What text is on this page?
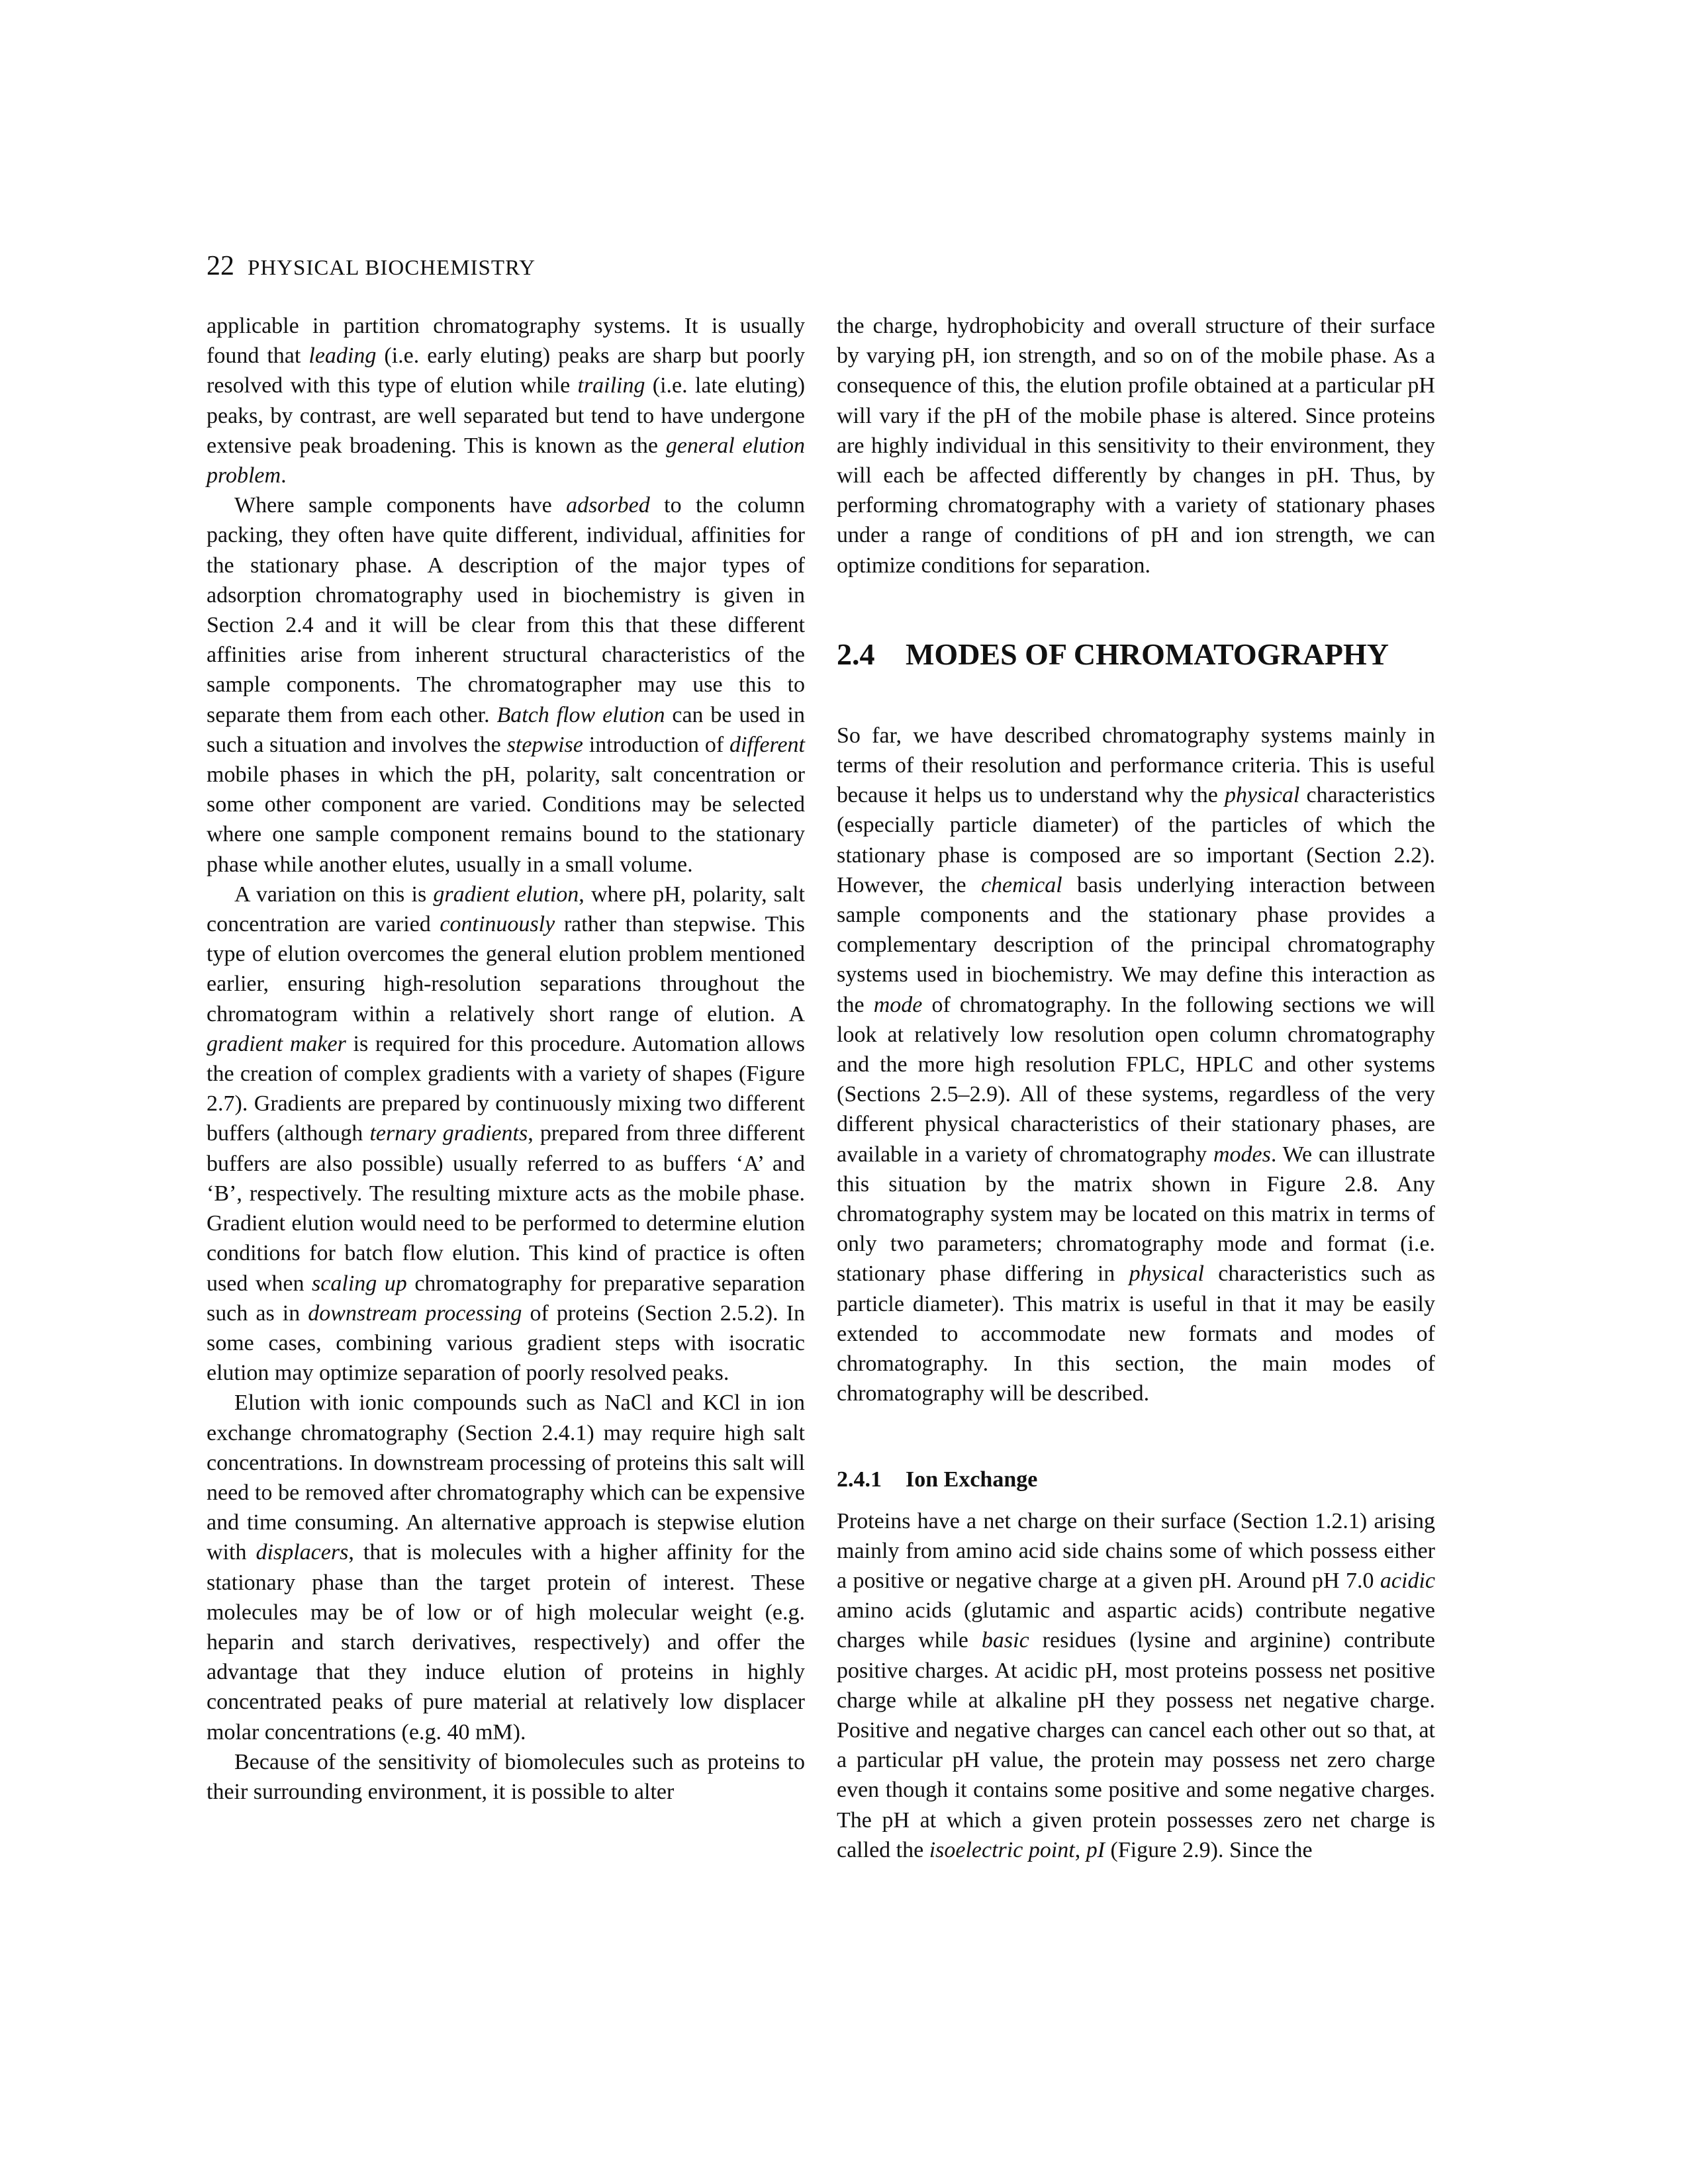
22 PHYSICAL BIOCHEMISTRY

applicable in partition chromatography systems. It is usually found that leading (i.e. early eluting) peaks are sharp but poorly resolved with this type of elution while trailing (i.e. late eluting) peaks, by contrast, are well separated but tend to have undergone extensive peak broadening. This is known as the general elution problem.

Where sample components have adsorbed to the column packing, they often have quite different, individual, affinities for the stationary phase. A description of the major types of adsorption chromatography used in biochemistry is given in Section 2.4 and it will be clear from this that these different affinities arise from inherent structural characteristics of the sample components. The chromatographer may use this to separate them from each other. Batch flow elution can be used in such a situation and involves the stepwise introduction of different mobile phases in which the pH, polarity, salt concentration or some other component are varied. Conditions may be selected where one sample component remains bound to the stationary phase while another elutes, usually in a small volume.

A variation on this is gradient elution, where pH, polarity, salt concentration are varied continuously rather than stepwise. This type of elution overcomes the general elution problem mentioned earlier, ensuring high-resolution separations throughout the chromatogram within a relatively short range of elution. A gradient maker is required for this procedure. Automation allows the creation of complex gradients with a variety of shapes (Figure 2.7). Gradients are prepared by continuously mixing two different buffers (although ternary gradients, prepared from three different buffers are also possible) usually referred to as buffers ‘A’ and ‘B’, respectively. The resulting mixture acts as the mobile phase. Gradient elution would need to be performed to determine elution conditions for batch flow elution. This kind of practice is often used when scaling up chromatography for preparative separation such as in downstream processing of proteins (Section 2.5.2). In some cases, combining various gradient steps with isocratic elution may optimize separation of poorly resolved peaks.

Elution with ionic compounds such as NaCl and KCl in ion exchange chromatography (Section 2.4.1) may require high salt concentrations. In downstream processing of proteins this salt will need to be removed after chromatography which can be expensive and time consuming. An alternative approach is stepwise elution with displacers, that is molecules with a higher affinity for the stationary phase than the target protein of interest. These molecules may be of low or of high molecular weight (e.g. heparin and starch derivatives, respectively) and offer the advantage that they induce elution of proteins in highly concentrated peaks of pure material at relatively low displacer molar concentrations (e.g. 40 mM).

Because of the sensitivity of biomolecules such as proteins to their surrounding environment, it is possible to alter

the charge, hydrophobicity and overall structure of their surface by varying pH, ion strength, and so on of the mobile phase. As a consequence of this, the elution profile obtained at a particular pH will vary if the pH of the mobile phase is altered. Since proteins are highly individual in this sensitivity to their environment, they will each be affected differently by changes in pH. Thus, by performing chromatography with a variety of stationary phases under a range of conditions of pH and ion strength, we can optimize conditions for separation.

2.4 MODES OF CHROMATOGRAPHY

So far, we have described chromatography systems mainly in terms of their resolution and performance criteria. This is useful because it helps us to understand why the physical characteristics (especially particle diameter) of the particles of which the stationary phase is composed are so important (Section 2.2). However, the chemical basis underlying interaction between sample components and the stationary phase provides a complementary description of the principal chromatography systems used in biochemistry. We may define this interaction as the mode of chromatography. In the following sections we will look at relatively low resolution open column chromatography and the more high resolution FPLC, HPLC and other systems (Sections 2.5–2.9). All of these systems, regardless of the very different physical characteristics of their stationary phases, are available in a variety of chromatography modes. We can illustrate this situation by the matrix shown in Figure 2.8. Any chromatography system may be located on this matrix in terms of only two parameters; chromatography mode and format (i.e. stationary phase differing in physical characteristics such as particle diameter). This matrix is useful in that it may be easily extended to accommodate new formats and modes of chromatography. In this section, the main modes of chromatography will be described.

2.4.1 Ion Exchange

Proteins have a net charge on their surface (Section 1.2.1) arising mainly from amino acid side chains some of which possess either a positive or negative charge at a given pH. Around pH 7.0 acidic amino acids (glutamic and aspartic acids) contribute negative charges while basic residues (lysine and arginine) contribute positive charges. At acidic pH, most proteins possess net positive charge while at alkaline pH they possess net negative charge. Positive and negative charges can cancel each other out so that, at a particular pH value, the protein may possess net zero charge even though it contains some positive and some negative charges. The pH at which a given protein possesses zero net charge is called the isoelectric point, pI (Figure 2.9). Since the
